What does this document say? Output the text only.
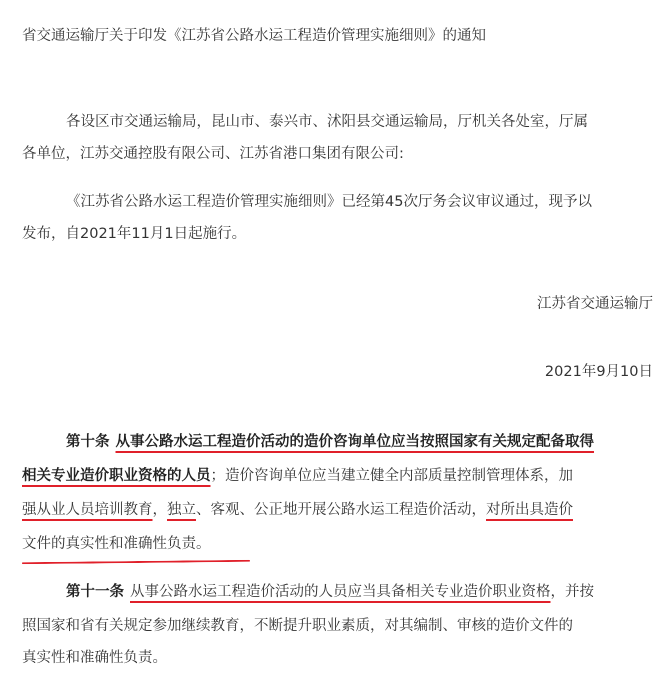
省交通运输厅关于印发《江苏省公路水运工程造价管理实施细则》的通知
各设区市交通运输局，昆山市、泰兴市、沭阳县交通运输局，厅机关各处室，厅属
各单位，江苏交通控股有限公司、江苏省港口集团有限公司:
《江苏省公路水运工程造价管理实施细则》已经第45次厅务会议审议通过，现予以
发布，自2021年11月1日起施行。
江苏省交通运输厅
2021年9月10日
第十条 从事公路水运工程造价活动的造价咨询单位应当按照国家有关规定配备取得
相关专业造价职业资格的人员；造价咨询单位应当建立健全内部质量控制管理体系，加
强从业人员培训教育，独立、客观、公正地开展公路水运工程造价活动，对所出具造价
文件的真实性和准确性负责。
第十一条 从事公路水运工程造价活动的人员应当具备相关专业造价职业资格，并按
照国家和省有关规定参加继续教育，不断提升职业素质，对其编制、审核的造价文件的
真实性和准确性负责。
